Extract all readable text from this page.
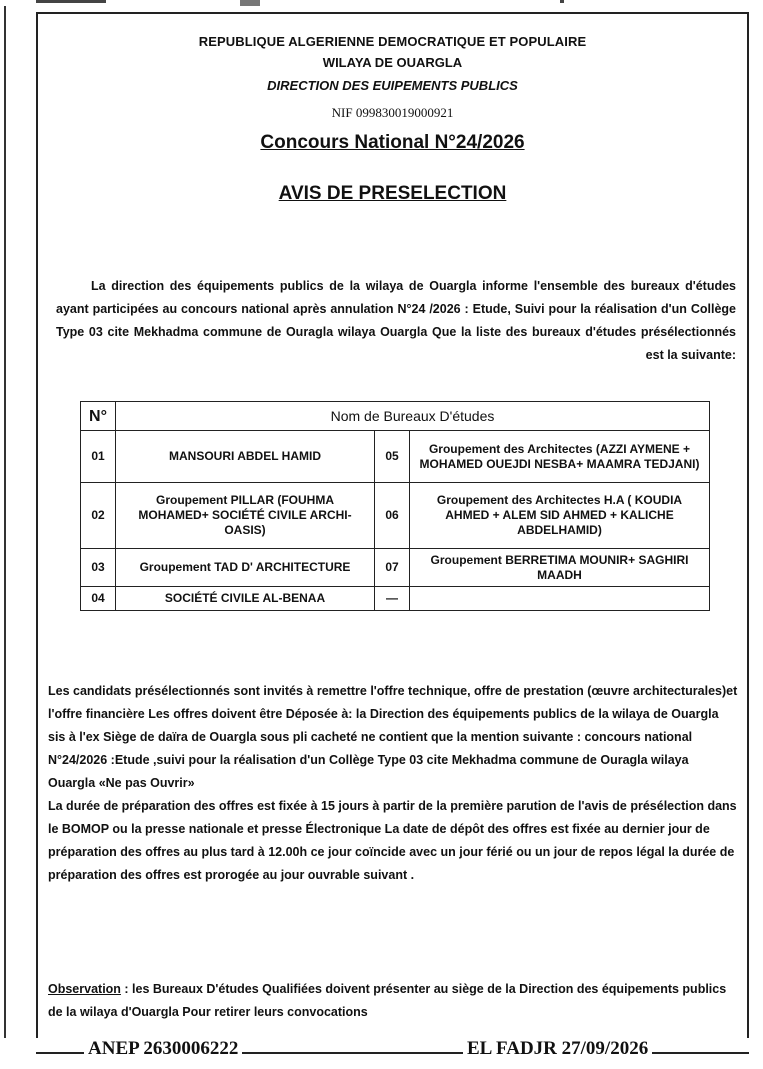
REPUBLIQUE ALGERIENNE DEMOCRATIQUE ET POPULAIRE
WILAYA DE OUARGLA
DIRECTION DES EUIPEMENTS PUBLICS
NIF 099830019000921
Concours National N°24/2026
AVIS DE PRESELECTION
La direction des équipements publics de la wilaya de Ouargla informe l'ensemble des bureaux d'études ayant participées au concours national après annulation N°24 /2026 : Etude, Suivi pour la réalisation d'un Collège Type 03 cite Mekhadma commune de Ouragla wilaya Ouargla Que la liste des bureaux d'études présélectionnés est la suivante:
N°	Nom de Bureaux D'études		
01	MANSOURI ABDEL HAMID	05	Groupement des Architectes (AZZI AYMENE + MOHAMED OUEJDI NESBA+ MAAMRA TEDJANI)
02	Groupement PILLAR (FOUHMA MOHAMED+ SOCIÉTÉ CIVILE ARCHI- OASIS)	06	Groupement des Architectes H.A ( KOUDIA AHMED + ALEM SID AHMED + KALICHE ABDELHAMID)
03	Groupement TAD D' ARCHITECTURE	07	Groupement BERRETIMA MOUNIR+ SAGHIRI MAADH
04	SOCIÉTÉ CIVILE AL-BENAA	—	
Les candidats présélectionnés sont invités à remettre l'offre technique, offre de prestation (œuvre architecturales)et l'offre financière Les offres doivent être Déposée à: la Direction des équipements publics de la wilaya de Ouargla sis à l'ex Siège de daïra de Ouargla sous pli cacheté ne contient que la mention suivante : concours national N°24/2026 :Etude ,suivi pour la réalisation d'un Collège Type 03 cite Mekhadma commune de Ouragla wilaya Ouargla «Ne pas Ouvrir»
La durée de préparation des offres est fixée à 15 jours à partir de la première parution de l'avis de présélection dans le BOMOP ou la presse nationale et presse Électronique La date de dépôt des offres est fixée au dernier jour de préparation des offres au plus tard à 12.00h ce jour coïncide avec un jour férié ou un jour de repos légal la durée de préparation des offres est prorogée au jour ouvrable suivant .
Observation : les Bureaux D'études Qualifiées doivent présenter au siège de la Direction des équipements publics de la wilaya d'Ouargla Pour retirer leurs convocations
ANEP 2630006222	EL FADJR 27/09/2026
